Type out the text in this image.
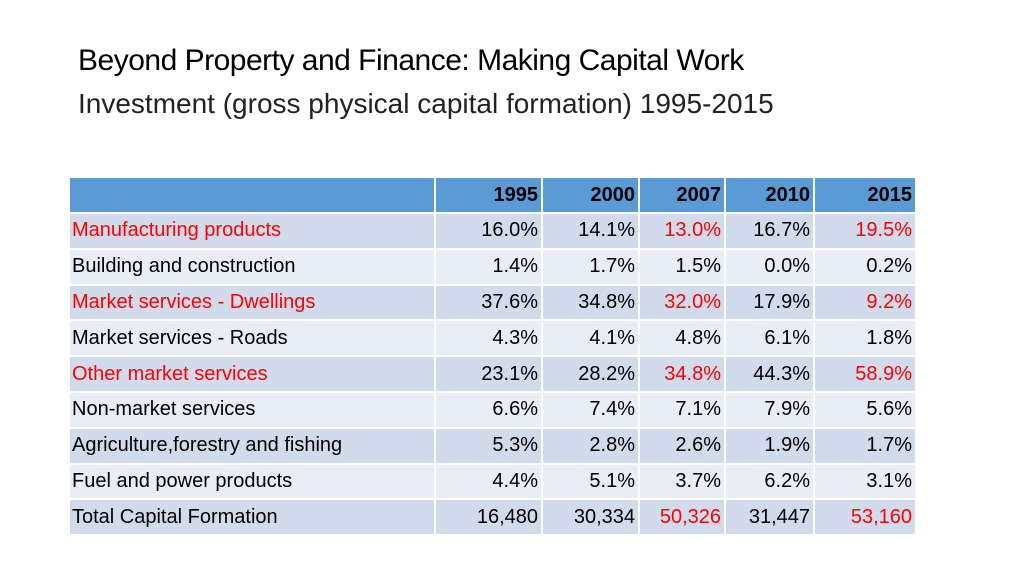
Beyond Property and Finance: Making Capital Work
Investment (gross physical capital formation) 1995-2015
	1995	2000	2007	2010	2015
Manufacturing products	16.0%	14.1%	13.0%	16.7%	19.5%
Building and construction	1.4%	1.7%	1.5%	0.0%	0.2%
Market services - Dwellings	37.6%	34.8%	32.0%	17.9%	9.2%
Market services - Roads	4.3%	4.1%	4.8%	6.1%	1.8%
Other market services	23.1%	28.2%	34.8%	44.3%	58.9%
Non-market services	6.6%	7.4%	7.1%	7.9%	5.6%
Agriculture,forestry and fishing	5.3%	2.8%	2.6%	1.9%	1.7%
Fuel and power products	4.4%	5.1%	3.7%	6.2%	3.1%
Total Capital Formation	16,480	30,334	50,326	31,447	53,160
